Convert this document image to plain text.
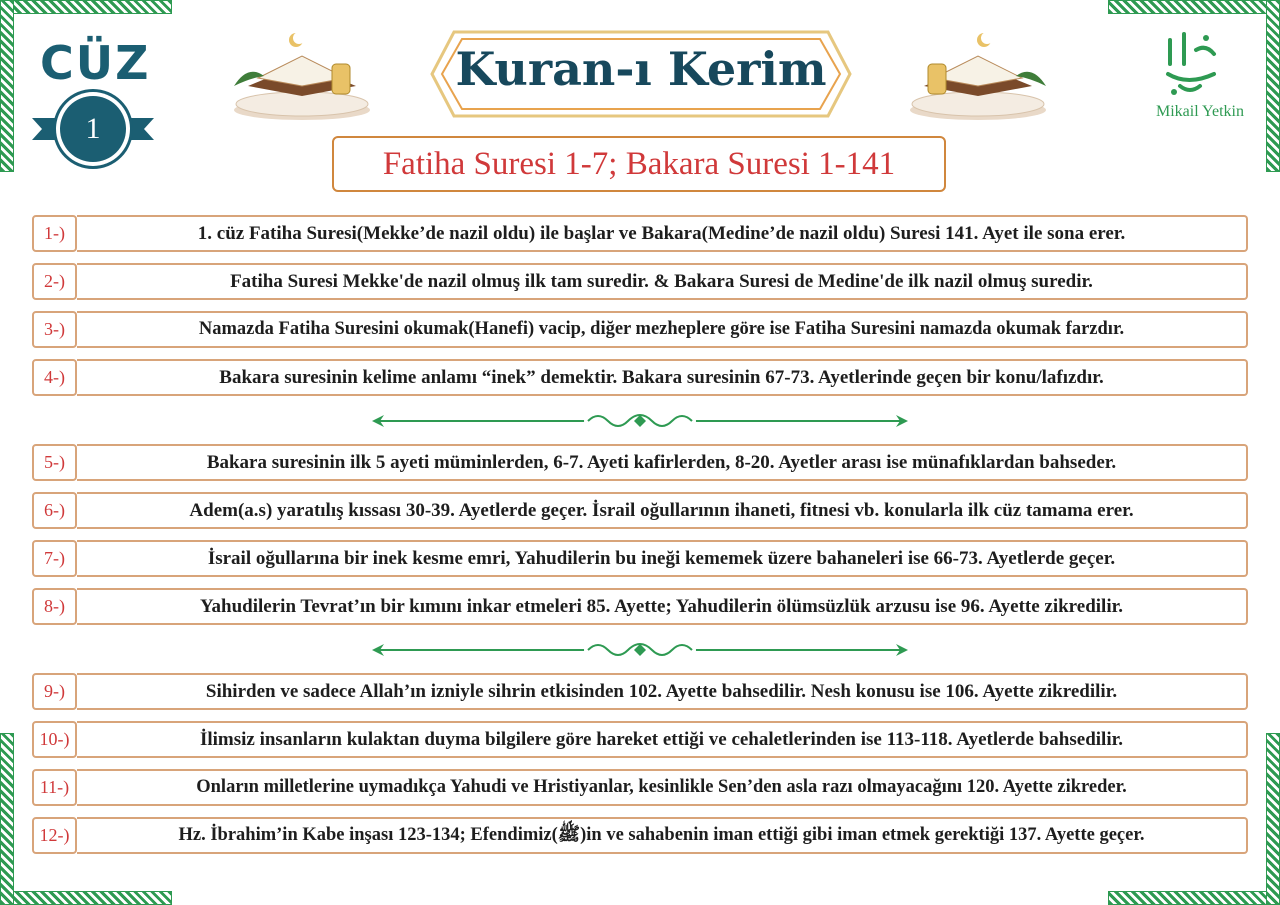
CÜZ
1
Kuran-ı Kerim
Mikail Yetkin
Fatiha Suresi 1-7; Bakara Suresi 1-141
1-)	1. cüz Fatiha Suresi(Mekke’de nazil oldu) ile başlar ve Bakara(Medine’de nazil oldu) Suresi 141. Ayet ile sona erer.
2-)	Fatiha Suresi Mekke'de nazil olmuş ilk tam suredir. & Bakara Suresi de Medine'de ilk nazil olmuş suredir.
3-)	Namazda Fatiha Suresini okumak(Hanefi) vacip, diğer mezheplere göre ise Fatiha Suresini namazda okumak farzdır.
4-)	Bakara suresinin kelime anlamı “inek” demektir. Bakara suresinin 67-73. Ayetlerinde geçen bir konu/lafızdır.
5-)	Bakara suresinin ilk 5 ayeti müminlerden, 6-7. Ayeti kafirlerden, 8-20. Ayetler arası ise münafıklardan bahseder.
6-)	Adem(a.s) yaratılış kıssası 30-39. Ayetlerde geçer. İsrail oğullarının ihaneti, fitnesi vb. konularla ilk cüz tamama erer.
7-)	İsrail oğullarına bir inek kesme emri, Yahudilerin bu ineği kememek üzere bahaneleri ise 66-73. Ayetlerde geçer.
8-)	Yahudilerin Tevrat’ın bir kımını inkar etmeleri 85. Ayette; Yahudilerin ölümsüzlük arzusu ise 96. Ayette zikredilir.
9-)	Sihirden ve sadece Allah’ın izniyle sihrin etkisinden 102. Ayette bahsedilir. Nesh konusu ise 106. Ayette zikredilir.
10-)	İlimsiz insanların kulaktan duyma bilgilere göre hareket ettiği ve cehaletlerinden ise 113-118. Ayetlerde bahsedilir.
11-)	Onların milletlerine uymadıkça Yahudi ve Hristiyanlar, kesinlikle Sen’den asla razı olmayacağını 120. Ayette zikreder.
12-)	Hz. İbrahim’in Kabe inşası 123-134; Efendimiz(ﷺ)in ve sahabenin iman ettiği gibi iman etmek gerektiği 137. Ayette geçer.
